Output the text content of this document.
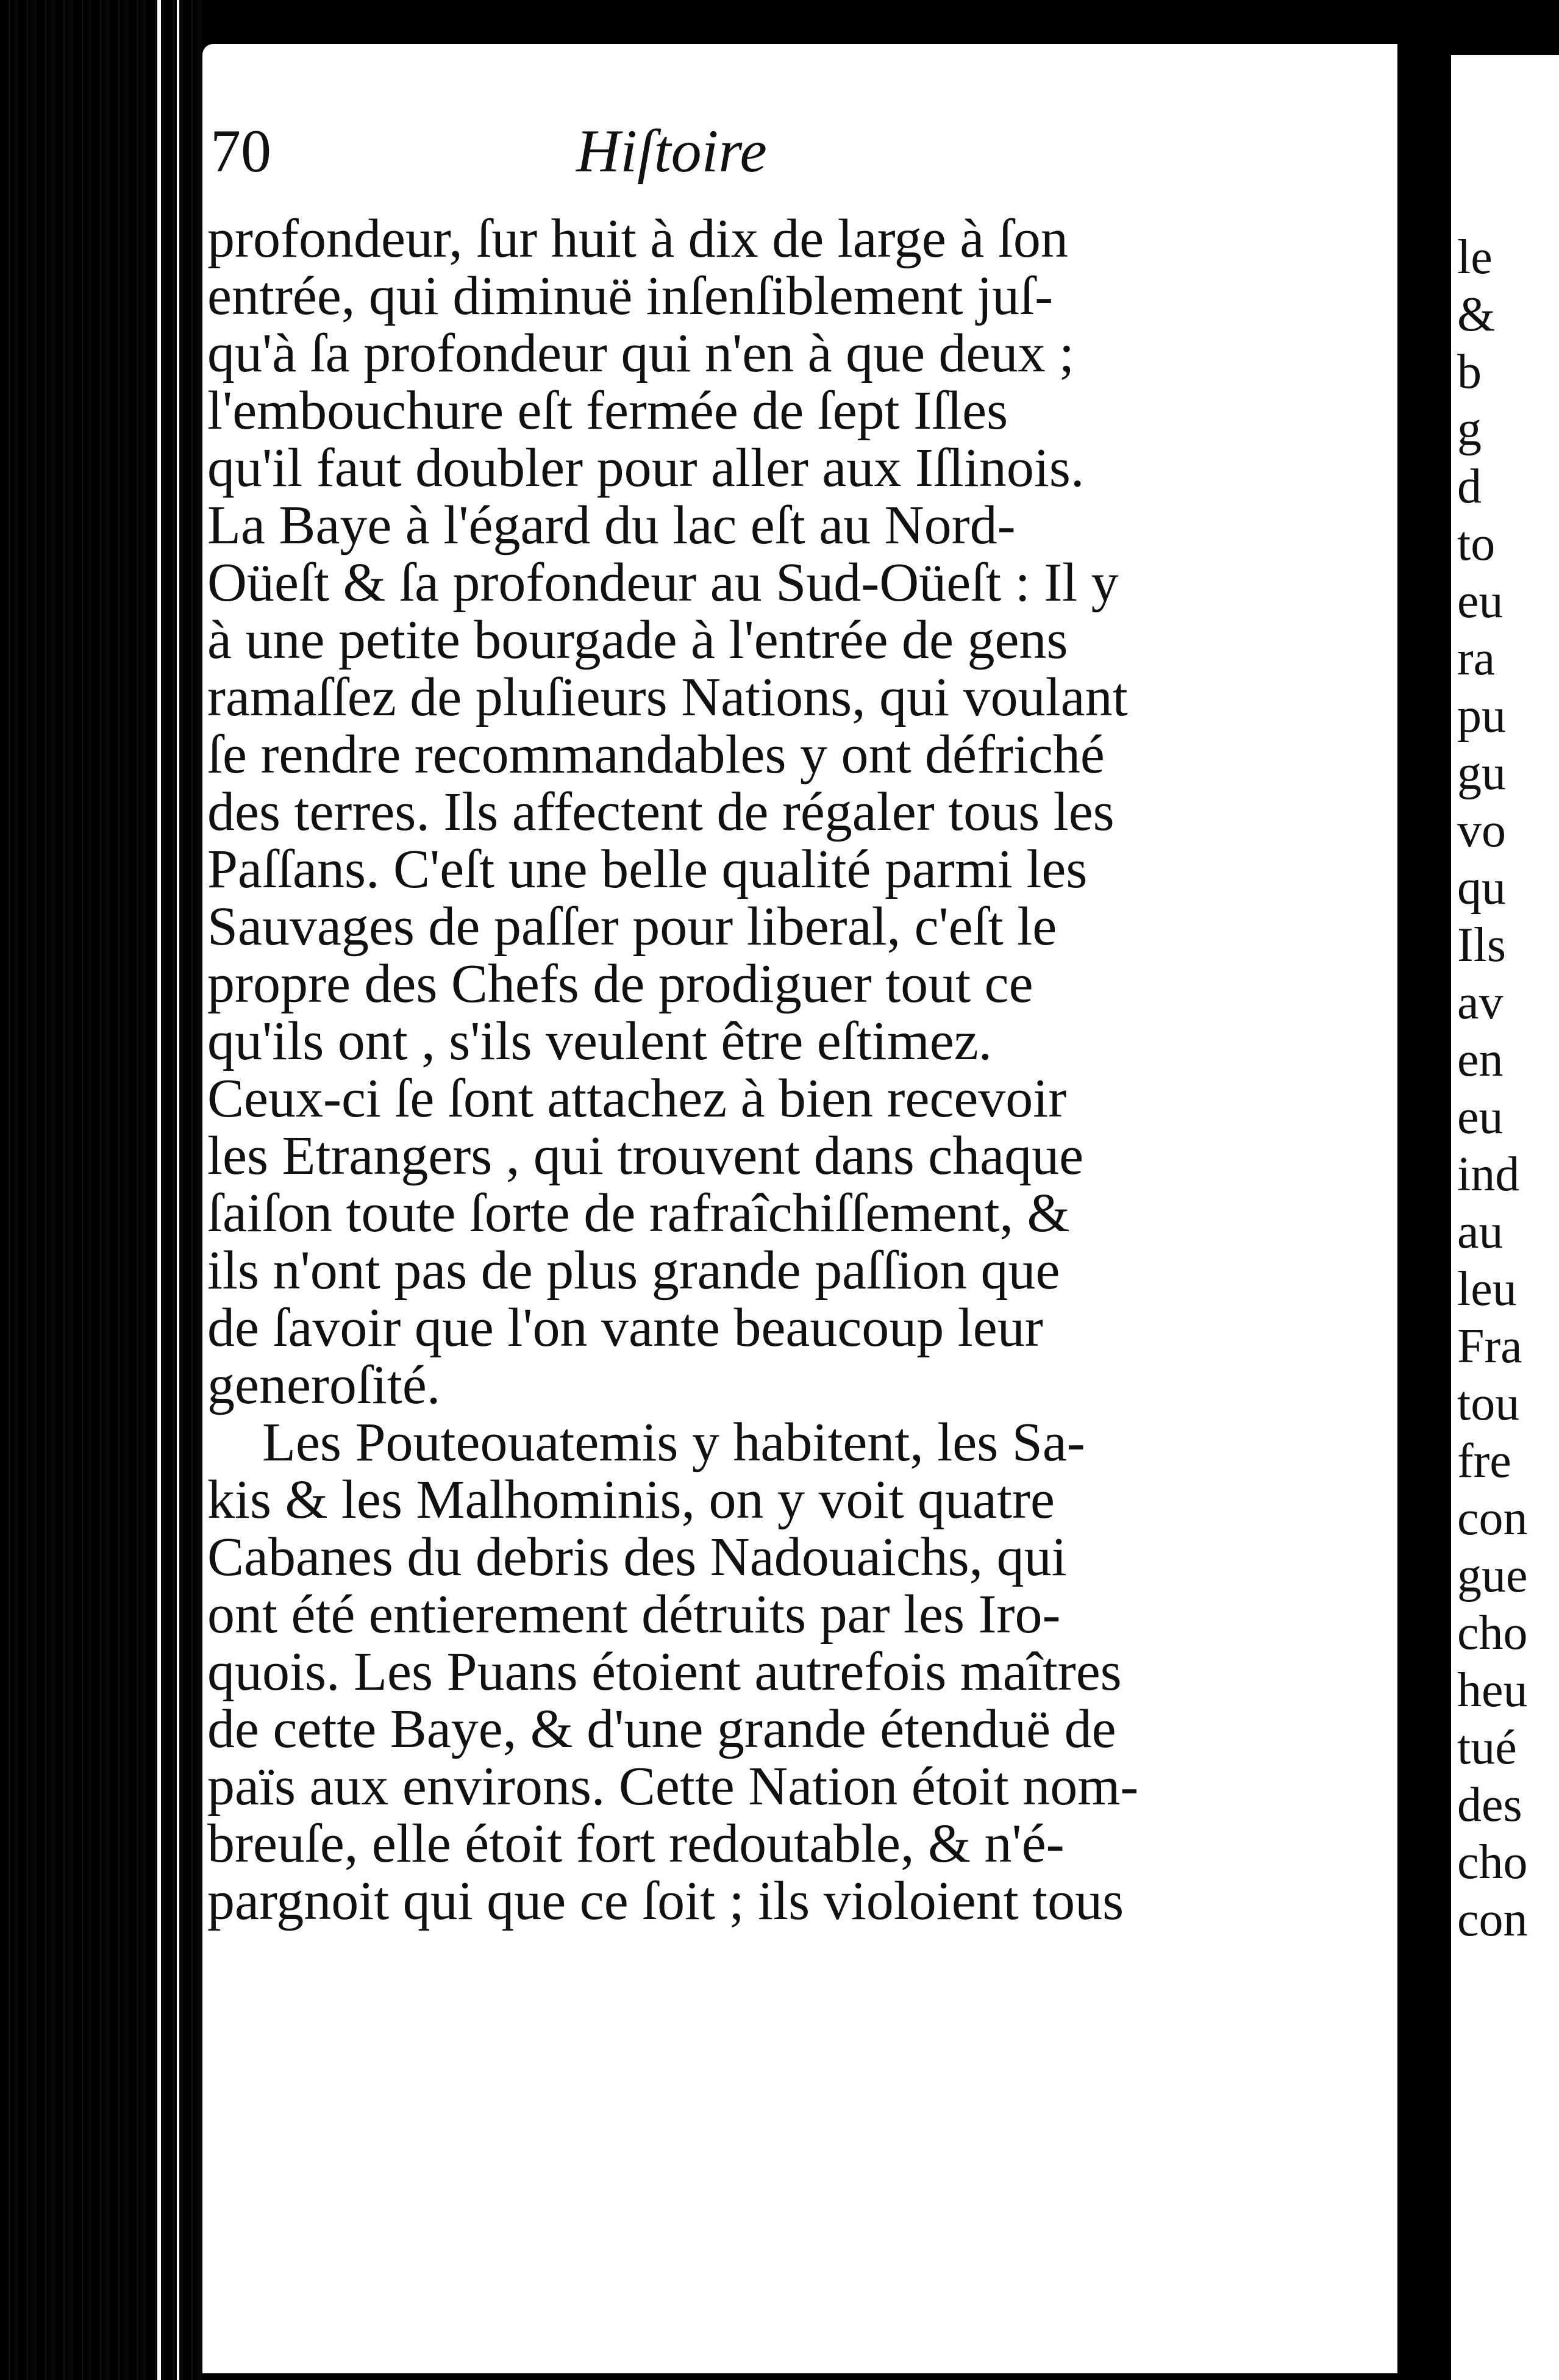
70	Hiſtoire
profondeur, ſur huit à dix de large à ſon
entrée, qui diminuë inſenſiblement juſ-
qu'à ſa profondeur qui n'en à que deux ;
l'embouchure eſt fermée de ſept Iſles
qu'il faut doubler pour aller aux Iſlinois.
La Baye à l'égard du lac eſt au Nord-
Oüeſt & ſa profondeur au Sud-Oüeſt : Il y
à une petite bourgade à l'entrée de gens
ramaſſez de pluſieurs Nations, qui voulant
ſe rendre recommandables y ont défriché
des terres. Ils affectent de régaler tous les
Paſſans. C'eſt une belle qualité parmi les
Sauvages de paſſer pour liberal, c'eſt le
propre des Chefs de prodiguer tout ce
qu'ils ont , s'ils veulent être eſtimez.
Ceux-ci ſe ſont attachez à bien recevoir
les Etrangers , qui trouvent dans chaque
ſaiſon toute ſorte de rafraîchiſſement, &
ils n'ont pas de plus grande paſſion que
de ſavoir que l'on vante beaucoup leur
generoſité.
Les Pouteouatemis y habitent, les Sa-
kis & les Malhominis, on y voit quatre
Cabanes du debris des Nadouaichs, qui
ont été entierement détruits par les Iro-
quois. Les Puans étoient autrefois maîtres
de cette Baye, & d'une grande étenduë de
païs aux environs. Cette Nation étoit nom-
breuſe, elle étoit fort redoutable, & n'é-
pargnoit qui que ce ſoit ; ils violoient tous
le
&
b
g
d
to
eu
ra
pu
gu
vo
qu
Ils
av
en
eu
ind
au
leu
Fra
tou
fre
con
gue
cho
heu
tué
des
cho
con
